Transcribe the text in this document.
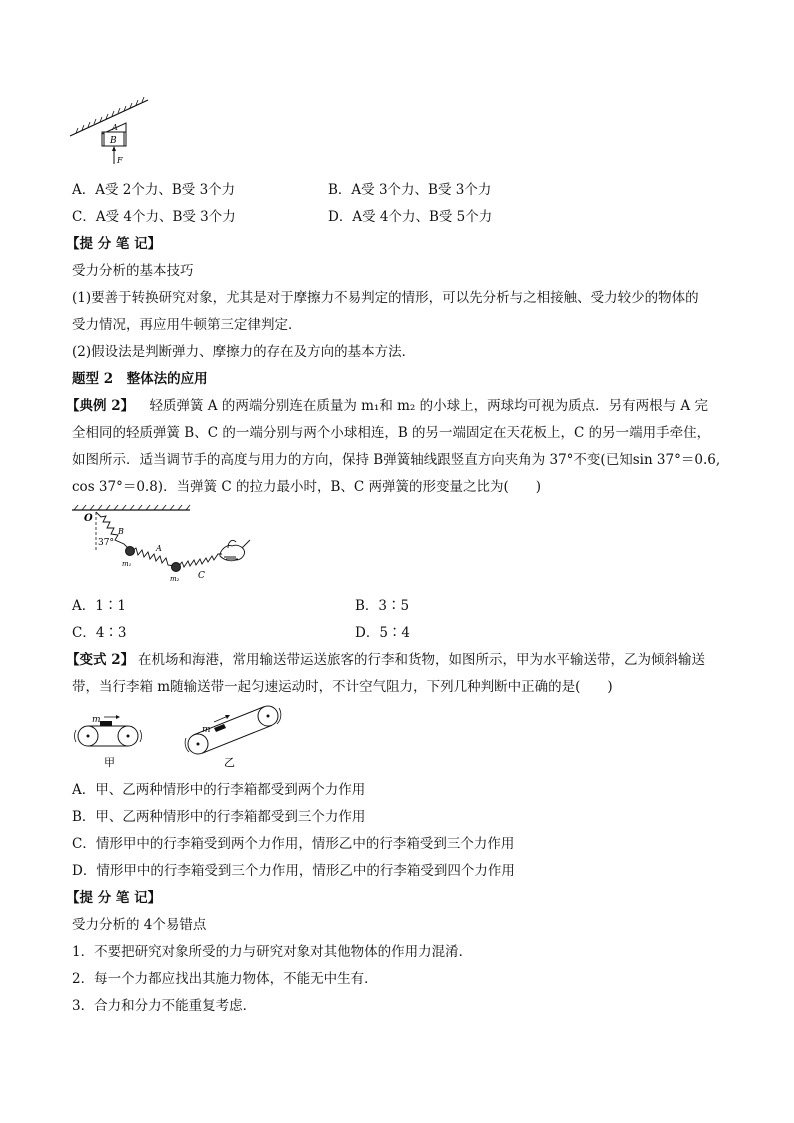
A
B
F
A．A受 2个力、B受 3个力	B．A受 3个力、B受 3个力
C．A受 4个力、B受 3个力	D．A受 4个力、B受 5个力
【提 分 笔 记】
受力分析的基本技巧
(1)要善于转换研究对象，尤其是对于摩擦力不易判定的情形，可以先分析与之相接触、受力较少的物体的
受力情况，再应用牛顿第三定律判定．
(2)假设法是判断弹力、摩擦力的存在及方向的基本方法．
题型 2　整体法的应用
【典例 2】 　轻质弹簧 A 的两端分别连在质量为 m₁和 m₂ 的小球上，两球均可视为质点．另有两根与 A 完
全相同的轻质弹簧 B、C 的一端分别与两个小球相连，B 的另一端固定在天花板上，C 的另一端用手牵住，
如图所示．适当调节手的高度与用力的方向，保持 B弹簧轴线跟竖直方向夹角为 37°不变(已知sin 37°＝0.6,
cos 37°＝0.8)．当弹簧 C 的拉力最小时，B、C 两弹簧的形变量之比为(　　)
O
B
37°
A
m₁
m₂ C
A．1∶1	B．3∶5
C．4∶3	D．5∶4
【变式 2】 在机场和海港，常用输送带运送旅客的行李和货物，如图所示，甲为水平输送带，乙为倾斜输送
带，当行李箱 m随输送带一起匀速运动时，不计空气阻力，下列几种判断中正确的是(　　)
m
m
甲	乙
A．甲、乙两种情形中的行李箱都受到两个力作用
B．甲、乙两种情形中的行李箱都受到三个力作用
C．情形甲中的行李箱受到两个力作用，情形乙中的行李箱受到三个力作用
D．情形甲中的行李箱受到三个力作用，情形乙中的行李箱受到四个力作用
【提 分 笔 记】
受力分析的 4个易错点
1．不要把研究对象所受的力与研究对象对其他物体的作用力混淆．
2．每一个力都应找出其施力物体，不能无中生有．
3．合力和分力不能重复考虑．
